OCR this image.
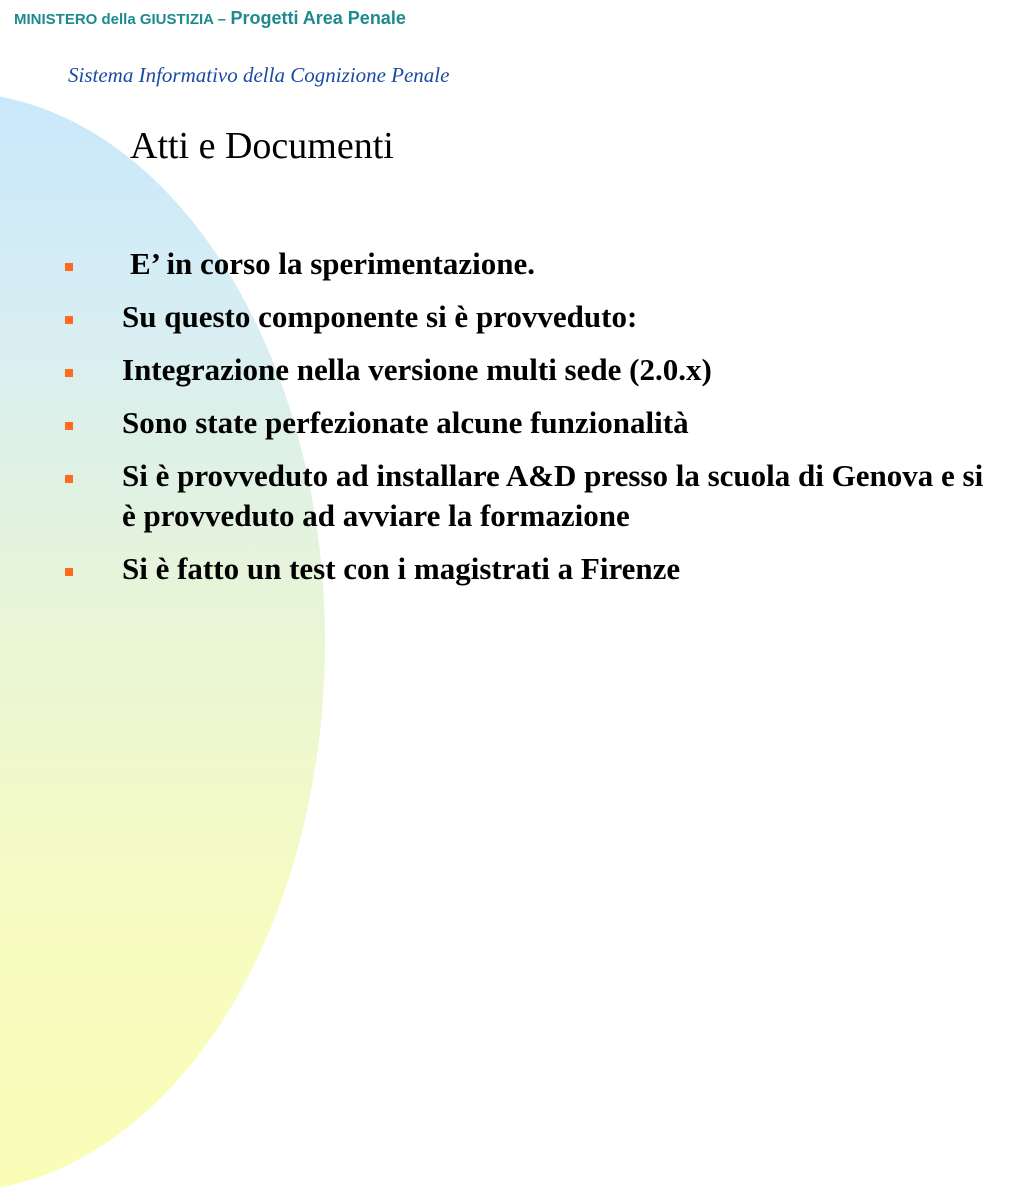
MINISTERO della GIUSTIZIA – Progetti Area Penale
Sistema Informativo della Cognizione Penale
Atti e Documenti
E’ in corso la sperimentazione.
Su questo componente si è provveduto:
Integrazione nella versione multi sede (2.0.x)
Sono state perfezionate alcune funzionalità
Si è provveduto ad installare A&D presso la scuola di Genova e si è provveduto ad avviare la formazione
Si è fatto un test con i magistrati a Firenze
